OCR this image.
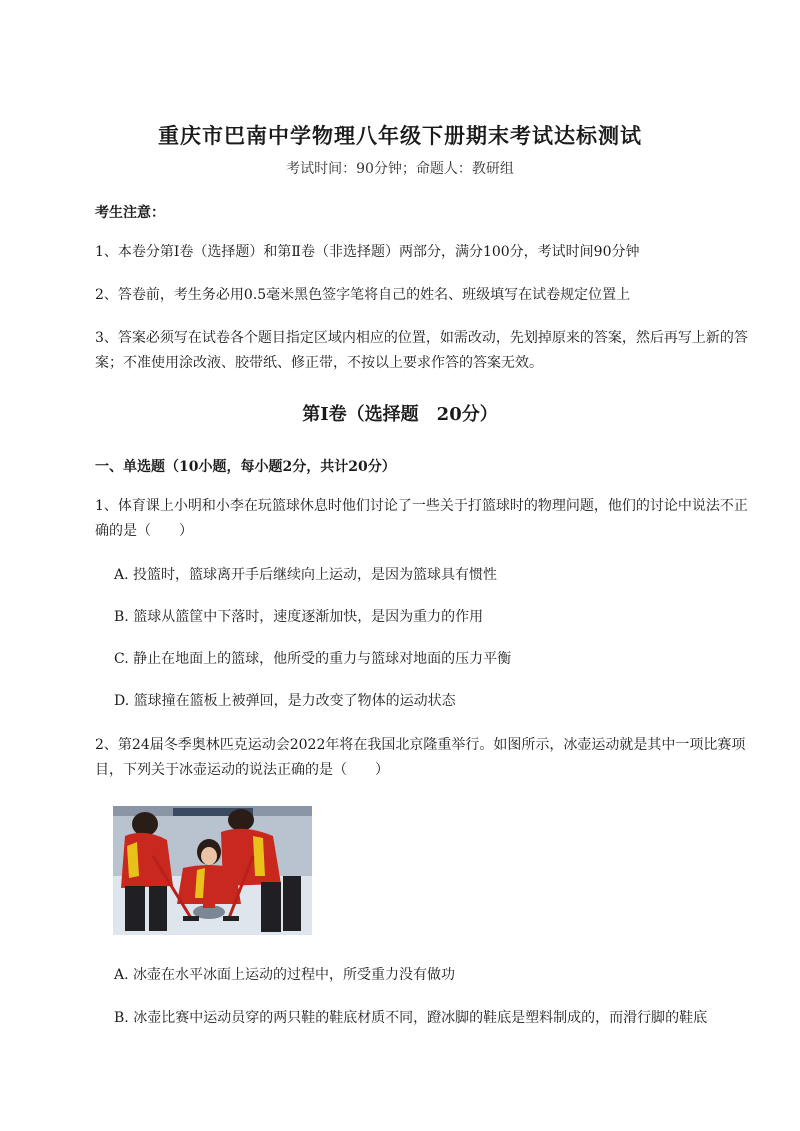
重庆市巴南中学物理八年级下册期末考试达标测试
考试时间：90分钟；命题人：教研组
考生注意：
1、本卷分第I卷（选择题）和第Ⅱ卷（非选择题）两部分，满分100分，考试时间90分钟
2、答卷前，考生务必用0.5毫米黑色签字笔将自己的姓名、班级填写在试卷规定位置上
3、答案必须写在试卷各个题目指定区域内相应的位置，如需改动，先划掉原来的答案，然后再写上新的答案；不准使用涂改液、胶带纸、修正带，不按以上要求作答的答案无效。
第I卷（选择题　20分）
一、单选题（10小题，每小题2分，共计20分）
1、体育课上小明和小李在玩篮球休息时他们讨论了一些关于打篮球时的物理问题，他们的讨论中说法不正确的是（　　）
A. 投篮时，篮球离开手后继续向上运动，是因为篮球具有惯性
B. 篮球从篮筐中下落时，速度逐渐加快，是因为重力的作用
C. 静止在地面上的篮球，他所受的重力与篮球对地面的压力平衡
D. 篮球撞在篮板上被弹回，是力改变了物体的运动状态
2、第24届冬季奥林匹克运动会2022年将在我国北京隆重举行。如图所示，冰壶运动就是其中一项比赛项目，下列关于冰壶运动的说法正确的是（　　）
A. 冰壶在水平冰面上运动的过程中，所受重力没有做功
B. 冰壶比赛中运动员穿的两只鞋的鞋底材质不同，蹬冰脚的鞋底是塑料制成的，而滑行脚的鞋底
